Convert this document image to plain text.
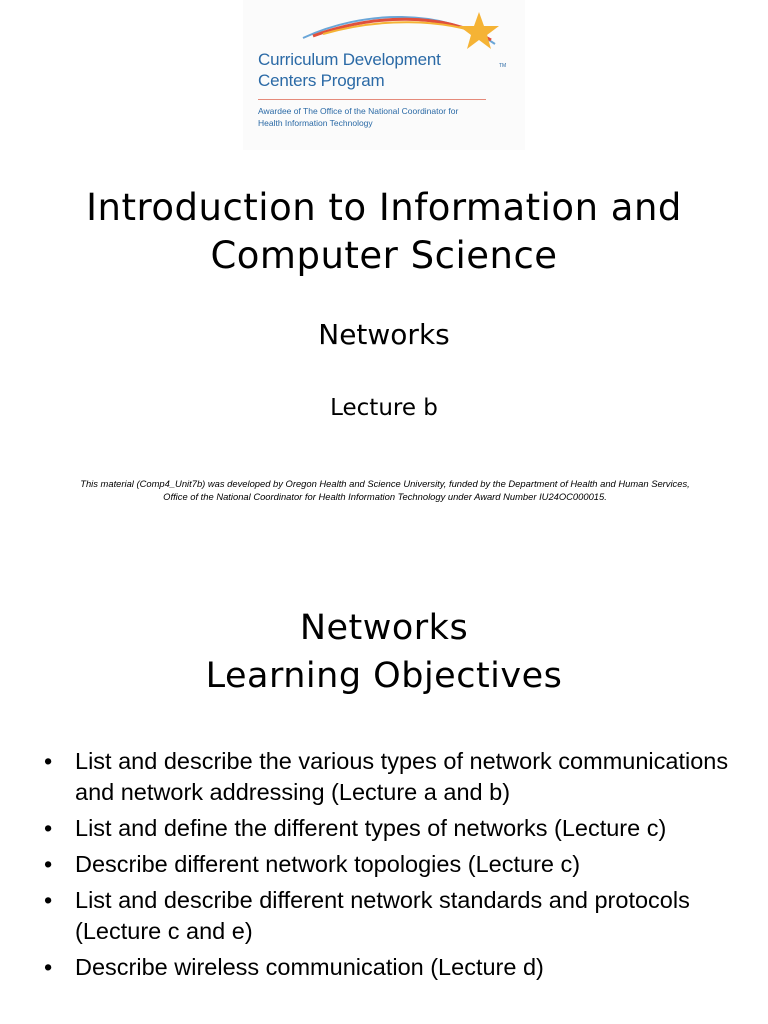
Curriculum Development
Centers Program
TM
Awardee of The Office of the National Coordinator for
Health Information Technology
Introduction to Information and Computer Science
Networks
Lecture b
This material (Comp4_Unit7b) was developed by Oregon Health and Science University, funded by the Department of Health and Human Services, Office of the National Coordinator for Health Information Technology under Award Number IU24OC000015.
Networks
Learning Objectives
• List and describe the various types of network communications and network addressing (Lecture a and b)
• List and define the different types of networks (Lecture c)
• Describe different network topologies (Lecture c)
• List and describe different network standards and protocols (Lecture c and e)
• Describe wireless communication (Lecture d)
